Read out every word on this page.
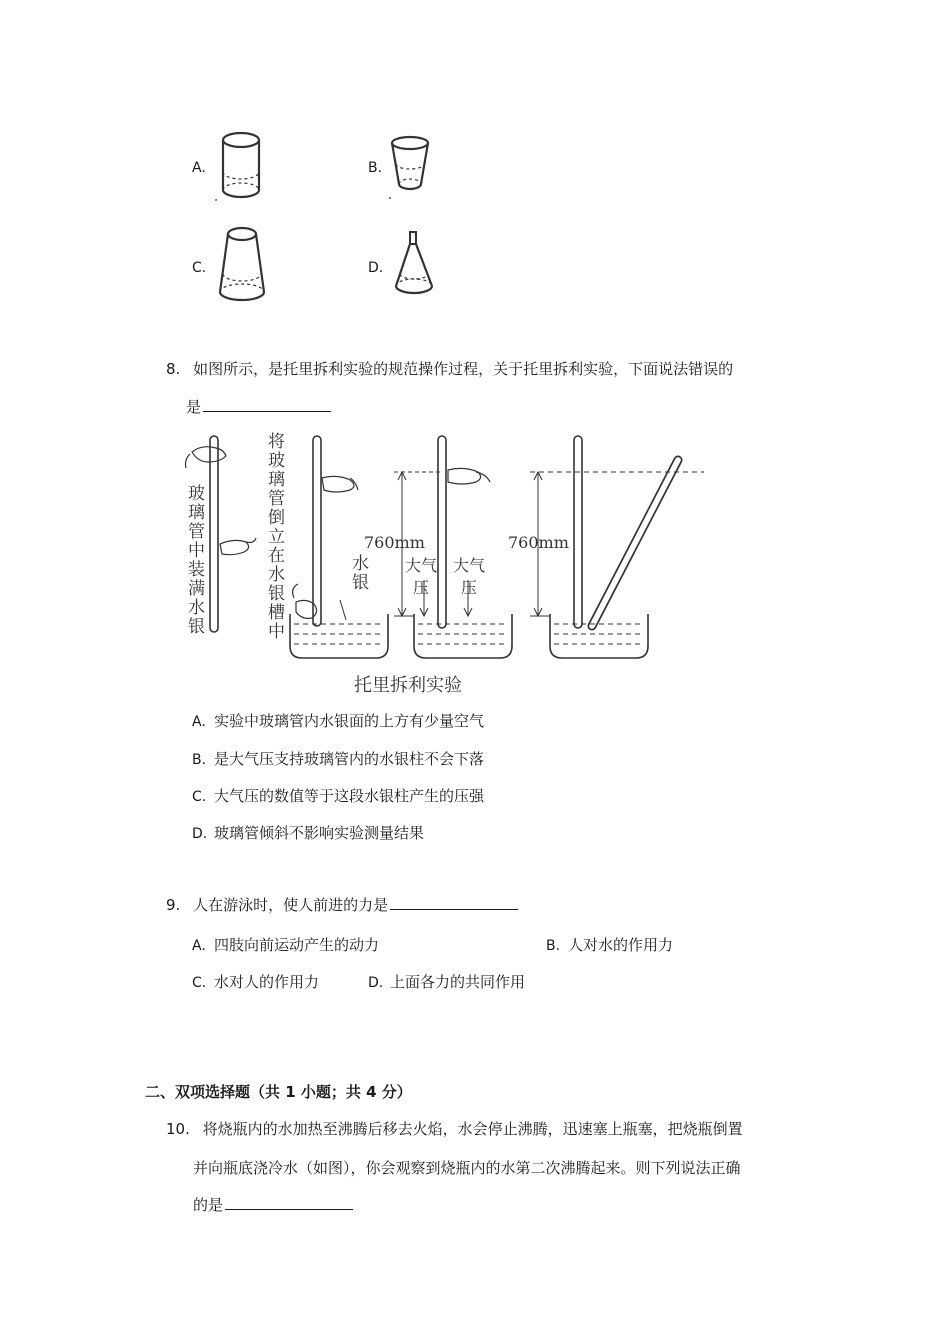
A.	B.
C.	D.
8. 如图所示，是托里拆利实验的规范操作过程，关于托里拆利实验，下面说法错误的
是
玻璃管中装满水银	将玻璃管倒立在水银槽中	水银
760mm	760mm
大气压
大气压
托里拆利实验
A. 实验中玻璃管内水银面的上方有少量空气
B. 是大气压支持玻璃管内的水银柱不会下落
C. 大气压的数值等于这段水银柱产生的压强
D. 玻璃管倾斜不影响实验测量结果
9. 人在游泳时，使人前进的力是
A. 四肢向前运动产生的动力	B. 人对水的作用力
C. 水对人的作用力	D. 上面各力的共同作用
二、双项选择题（共 1 小题；共 4 分）
10. 将烧瓶内的水加热至沸腾后移去火焰，水会停止沸腾，迅速塞上瓶塞，把烧瓶倒置
并向瓶底浇冷水（如图），你会观察到烧瓶内的水第二次沸腾起来。则下列说法正确
的是
